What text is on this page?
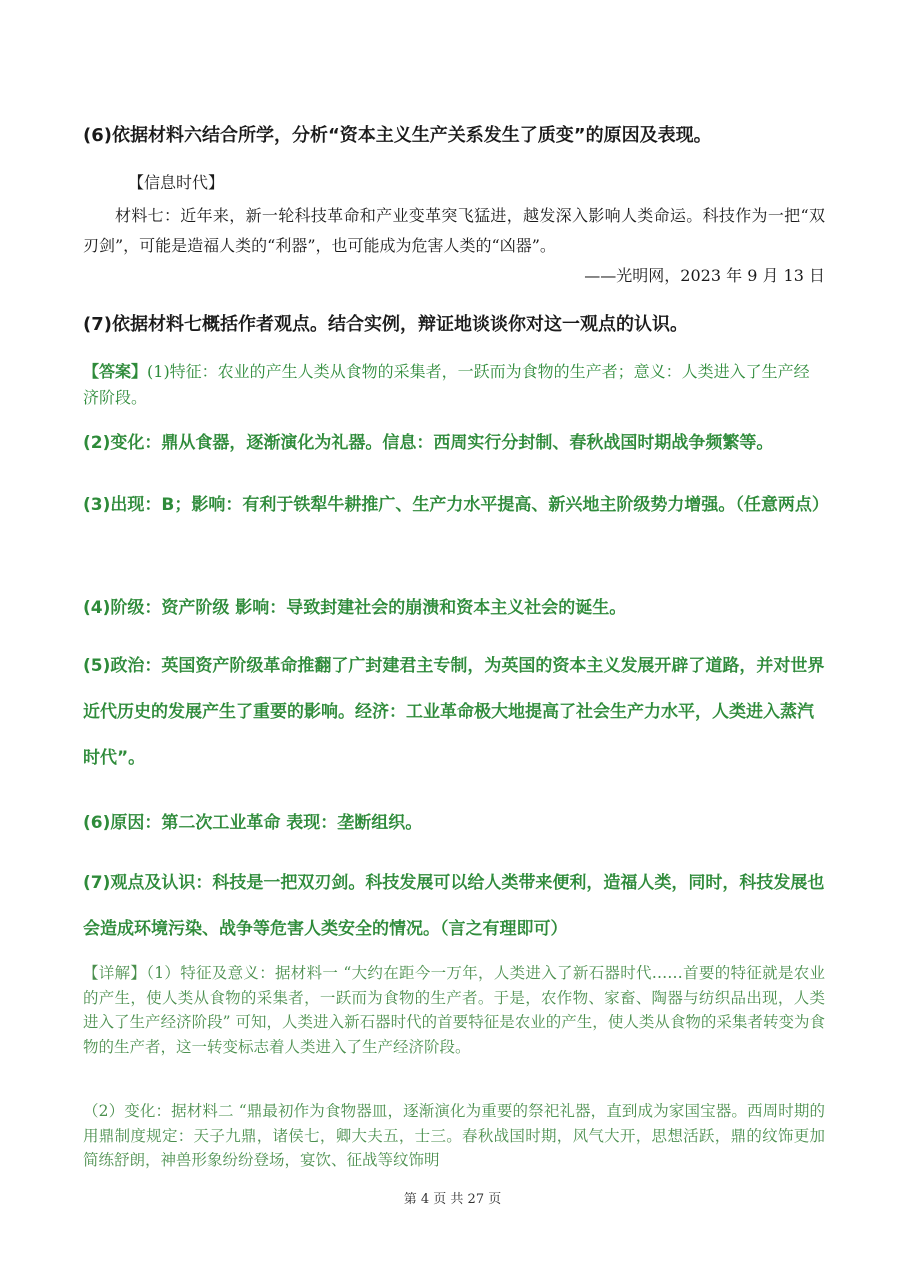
(6)依据材料六结合所学，分析“资本主义生产关系发生了质变”的原因及表现。
【信息时代】
材料七：近年来，新一轮科技革命和产业变革突飞猛进，越发深入影响人类命运。科技作为一把“双刃剑”，可能是造福人类的“利器”，也可能成为危害人类的“凶器”。
——光明网，2023 年 9 月 13 日
(7)依据材料七概括作者观点。结合实例，辩证地谈谈你对这一观点的认识。
【答案】(1)特征：农业的产生人类从食物的采集者，一跃而为食物的生产者；意义：人类进入了生产经济阶段。
(2)变化：鼎从食器，逐渐演化为礼器。信息：西周实行分封制、春秋战国时期战争频繁等。
(3)出现：B；影响：有利于铁犁牛耕推广、生产力水平提高、新兴地主阶级势力增强。（任意两点）
(4)阶级：资产阶级 影响：导致封建社会的崩溃和资本主义社会的诞生。
(5)政治：英国资产阶级革命推翻了广封建君主专制，为英国的资本主义发展开辟了道路，并对世界近代历史的发展产生了重要的影响。经济：工业革命极大地提高了社会生产力水平，人类进入蒸汽时代”。
(6)原因：第二次工业革命 表现：垄断组织。
(7)观点及认识：科技是一把双刃剑。科技发展可以给人类带来便利，造福人类，同时，科技发展也会造成环境污染、战争等危害人类安全的情况。（言之有理即可）
【详解】（1）特征及意义：据材料一 “大约在距今一万年，人类进入了新石器时代……首要的特征就是农业的产生，使人类从食物的采集者，一跃而为食物的生产者。于是，农作物、家畜、陶器与纺织品出现，人类进入了生产经济阶段” 可知，人类进入新石器时代的首要特征是农业的产生，使人类从食物的采集者转变为食物的生产者，这一转变标志着人类进入了生产经济阶段。
（2）变化：据材料二 “鼎最初作为食物器皿，逐渐演化为重要的祭祀礼器，直到成为家国宝器。西周时期的用鼎制度规定：天子九鼎，诸侯七，卿大夫五，士三。春秋战国时期，风气大开，思想活跃，鼎的纹饰更加简练舒朗，神兽形象纷纷登场，宴饮、征战等纹饰明
第 4 页 共 27 页
